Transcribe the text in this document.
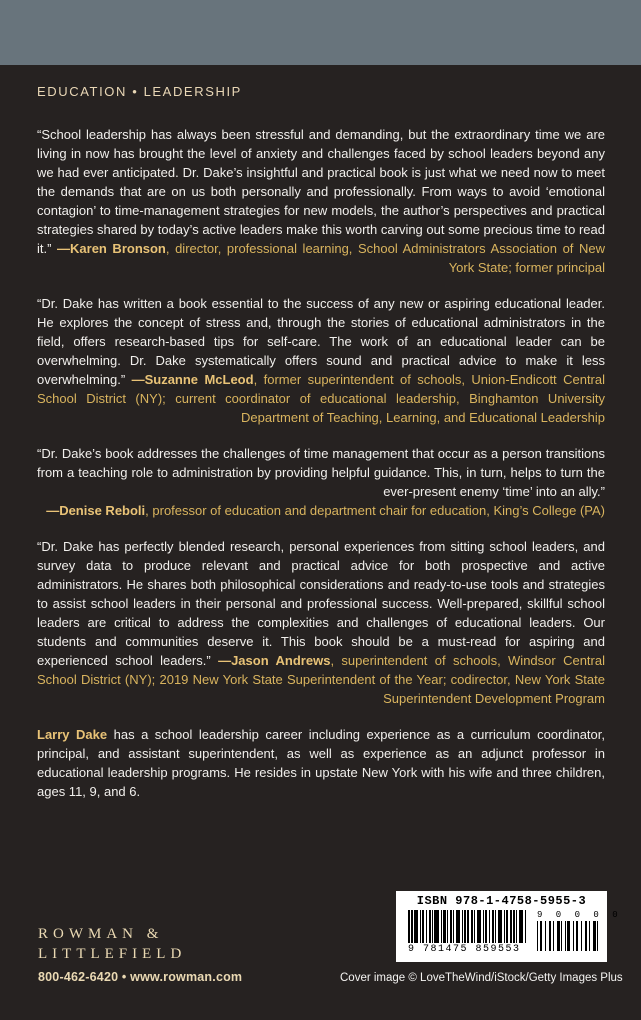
EDUCATION • LEADERSHIP

“School leadership has always been stressful and demanding, but the extraordinary time we are living in now has brought the level of anxiety and challenges faced by school leaders beyond any we had ever anticipated. Dr. Dake’s insightful and practical book is just what we need now to meet the demands that are on us both personally and professionally. From ways to avoid ‘emotional contagion’ to time-management strategies for new models, the author’s perspectives and practical strategies shared by today’s active leaders make this worth carving out some precious time to read it.” —Karen Bronson, director, professional learning, School Administrators Association of New York State; former principal

“Dr. Dake has written a book essential to the success of any new or aspiring educational leader. He explores the concept of stress and, through the stories of educational administrators in the field, offers research-based tips for self-care. The work of an educational leader can be overwhelming. Dr. Dake systematically offers sound and practical advice to make it less overwhelming.” —Suzanne McLeod, former superintendent of schools, Union-Endicott Central School District (NY); current coordinator of educational leadership, Binghamton University Department of Teaching, Learning, and Educational Leadership

“Dr. Dake’s book addresses the challenges of time management that occur as a person transitions from a teaching role to administration by providing helpful guidance. This, in turn, helps to turn the ever-present enemy ‘time’ into an ally.”
—Denise Reboli, professor of education and department chair for education, King’s College (PA)

“Dr. Dake has perfectly blended research, personal experiences from sitting school leaders, and survey data to produce relevant and practical advice for both prospective and active administrators. He shares both philosophical considerations and ready-to-use tools and strategies to assist school leaders in their personal and professional success. Well-prepared, skillful school leaders are critical to address the complexities and challenges of educational leaders. Our students and communities deserve it. This book should be a must-read for aspiring and experienced school leaders.” —Jason Andrews, superintendent of schools, Windsor Central School District (NY); 2019 New York State Superintendent of the Year; codirector, New York State Superintendent Development Program

Larry Dake has a school leadership career including experience as a curriculum coordinator, principal, and assistant superintendent, as well as experience as an adjunct professor in educational leadership programs. He resides in upstate New York with his wife and three children, ages 11, 9, and 6.

ROWMAN &
LITTLEFIELD
800-462-6420 • www.rowman.com
ISBN 978-1-4758-5955-3
9 781475 859553
9 0 0 0 0
Cover image © LoveTheWind/iStock/Getty Images Plus
